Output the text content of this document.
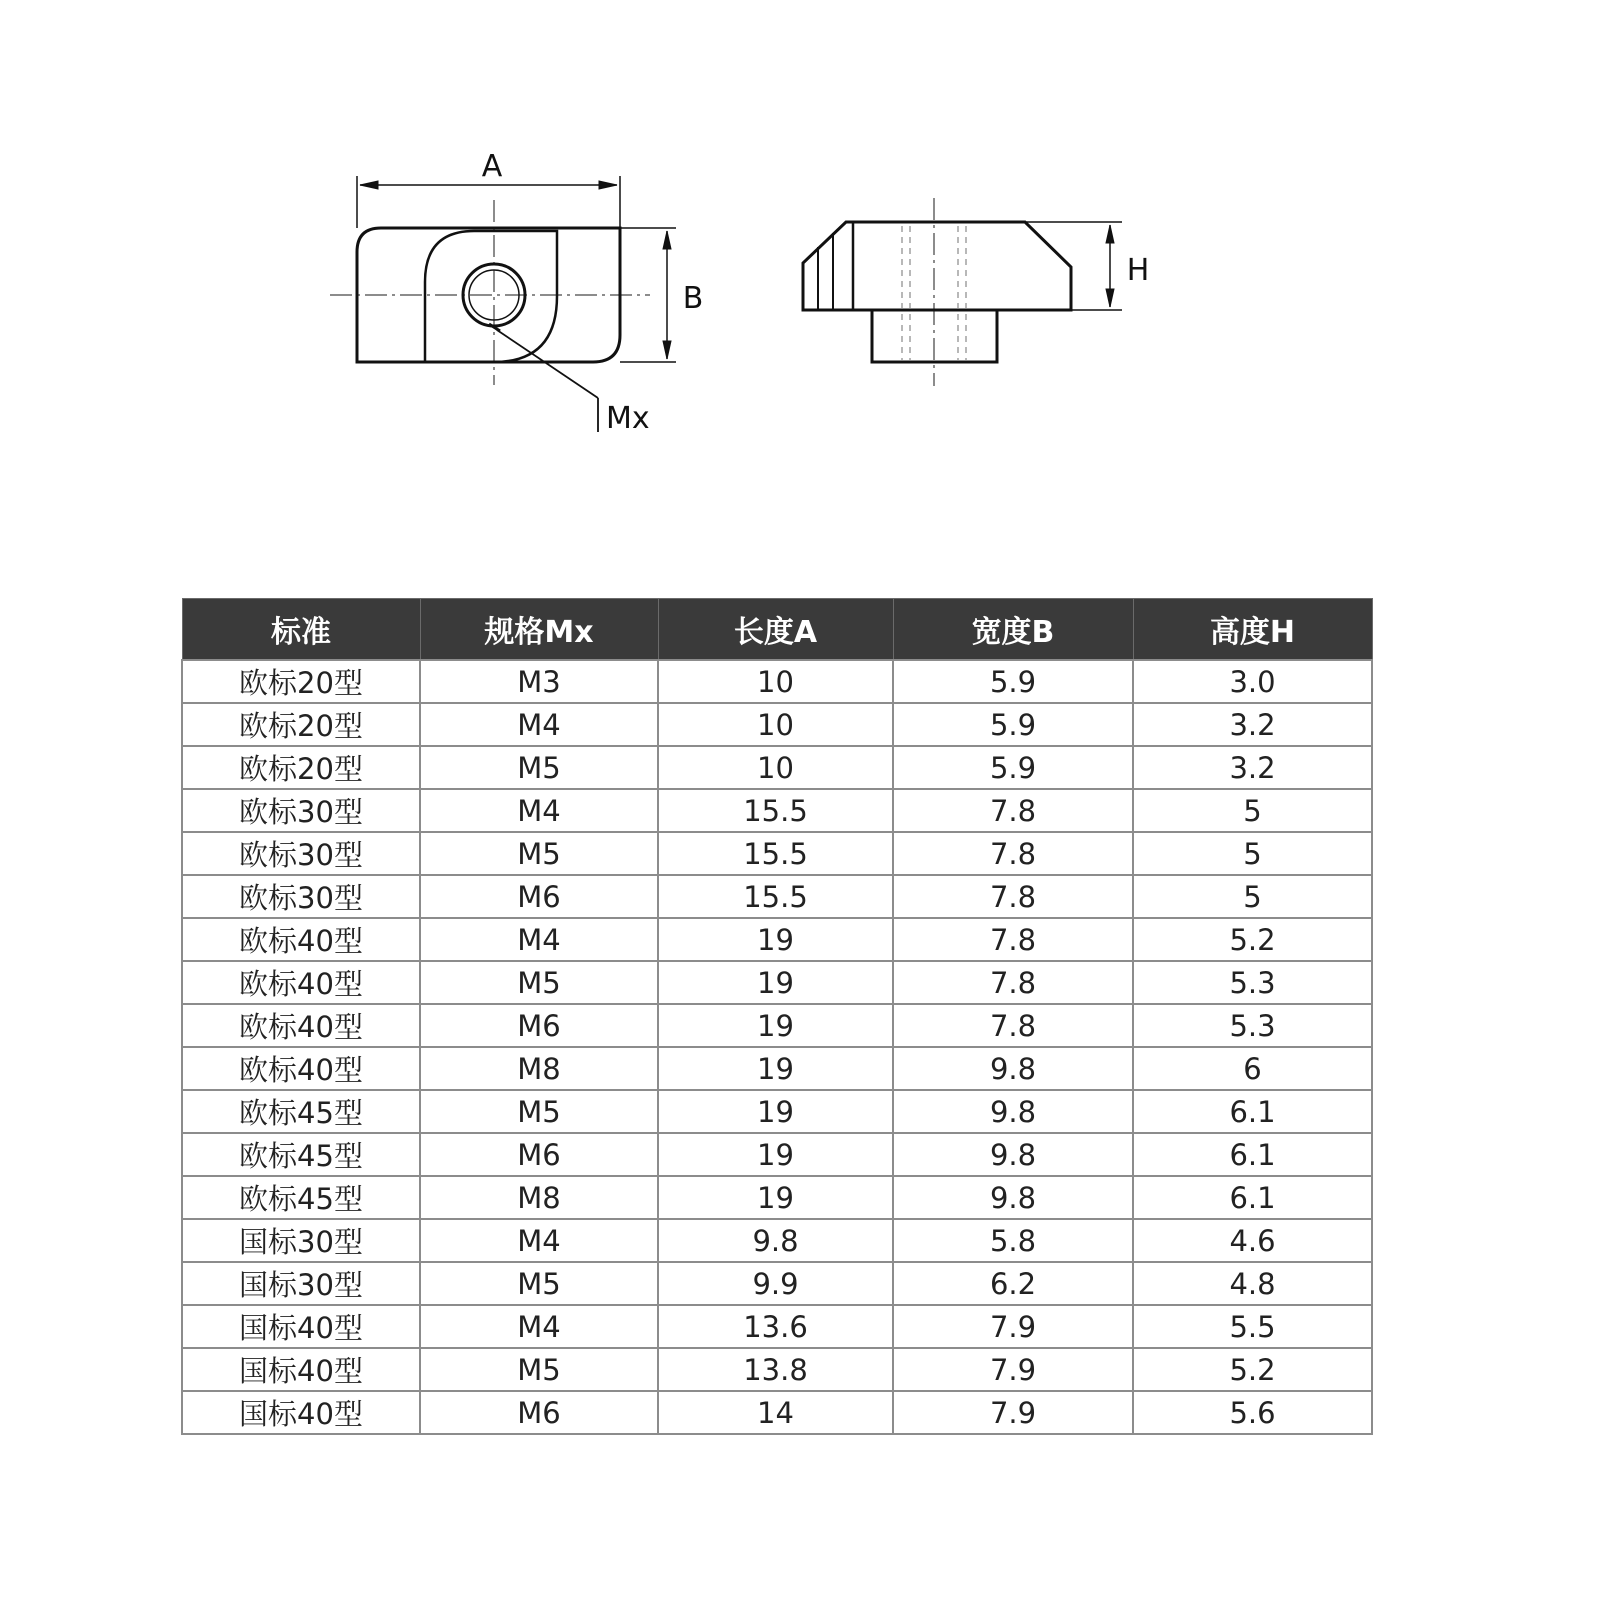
A
B
Mx
H
标准	规格Mx	长度A	宽度B	高度H
欧标20型	M3	10	5.9	3.0
欧标20型	M4	10	5.9	3.2
欧标20型	M5	10	5.9	3.2
欧标30型	M4	15.5	7.8	5
欧标30型	M5	15.5	7.8	5
欧标30型	M6	15.5	7.8	5
欧标40型	M4	19	7.8	5.2
欧标40型	M5	19	7.8	5.3
欧标40型	M6	19	7.8	5.3
欧标40型	M8	19	9.8	6
欧标45型	M5	19	9.8	6.1
欧标45型	M6	19	9.8	6.1
欧标45型	M8	19	9.8	6.1
国标30型	M4	9.8	5.8	4.6
国标30型	M5	9.9	6.2	4.8
国标40型	M4	13.6	7.9	5.5
国标40型	M5	13.8	7.9	5.2
国标40型	M6	14	7.9	5.6
